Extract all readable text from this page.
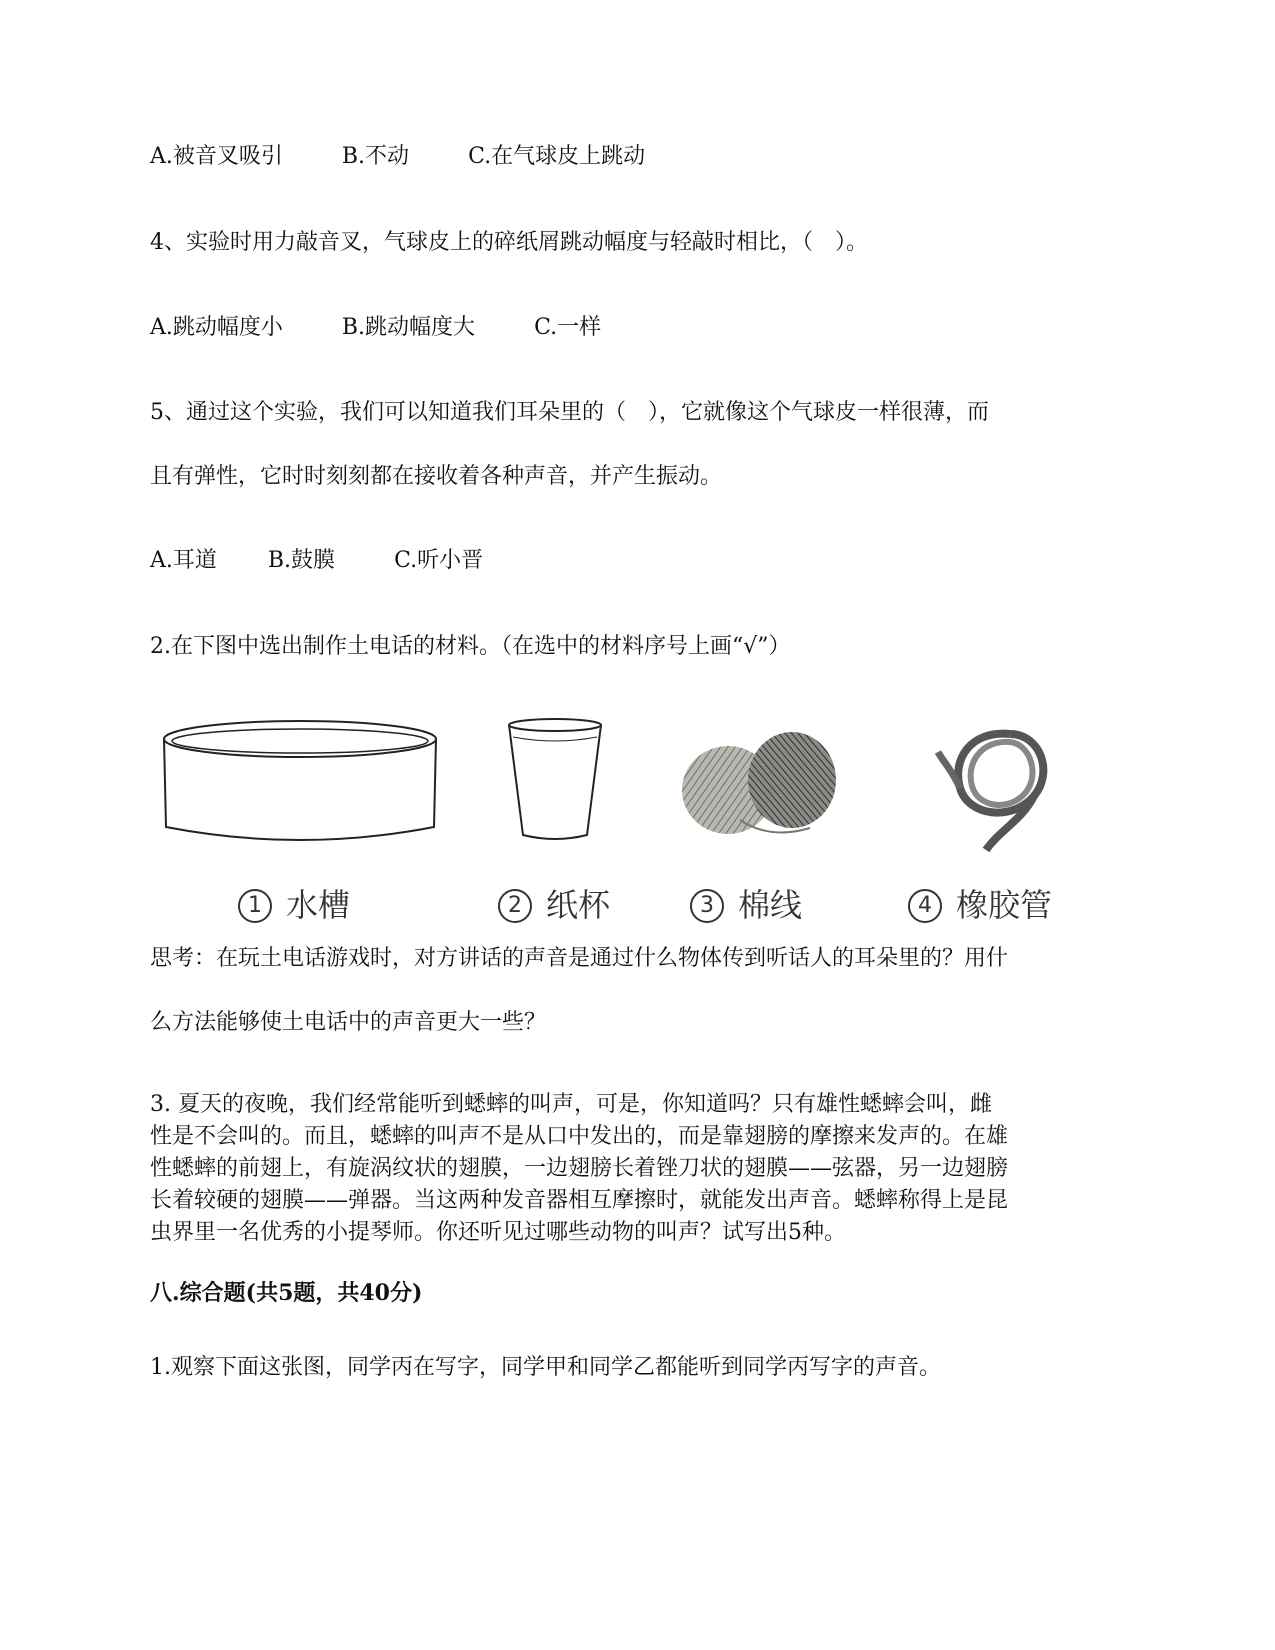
A.被音叉吸引	B.不动	C.在气球皮上跳动
4、实验时用力敲音叉，气球皮上的碎纸屑跳动幅度与轻敲时相比，（　）。
A.跳动幅度小	B.跳动幅度大	C.一样
5、通过这个实验，我们可以知道我们耳朵里的（　），它就像这个气球皮一样很薄，而
且有弹性，它时时刻刻都在接收着各种声音，并产生振动。
A.耳道 B.鼓膜	C.听小晋
2.在下图中选出制作土电话的材料。（在选中的材料序号上画“√”）
1 水槽	2 纸杯	3 棉线	4 橡胶管
思考：在玩土电话游戏时，对方讲话的声音是通过什么物体传到听话人的耳朵里的？用什
么方法能够使土电话中的声音更大一些？
3. 夏天的夜晚，我们经常能听到蟋蟀的叫声，可是，你知道吗？只有雄性蟋蟀会叫，雌
性是不会叫的。而且，蟋蟀的叫声不是从口中发出的，而是靠翅膀的摩擦来发声的。在雄
性蟋蟀的前翅上，有旋涡纹状的翅膜，一边翅膀长着锉刀状的翅膜——弦器，另一边翅膀
长着较硬的翅膜——弹器。当这两种发音器相互摩擦时，就能发出声音。蟋蟀称得上是昆
虫界里一名优秀的小提琴师。你还听见过哪些动物的叫声？试写出5种。
八.综合题(共5题，共40分)
1.观察下面这张图，同学丙在写字，同学甲和同学乙都能听到同学丙写字的声音。
